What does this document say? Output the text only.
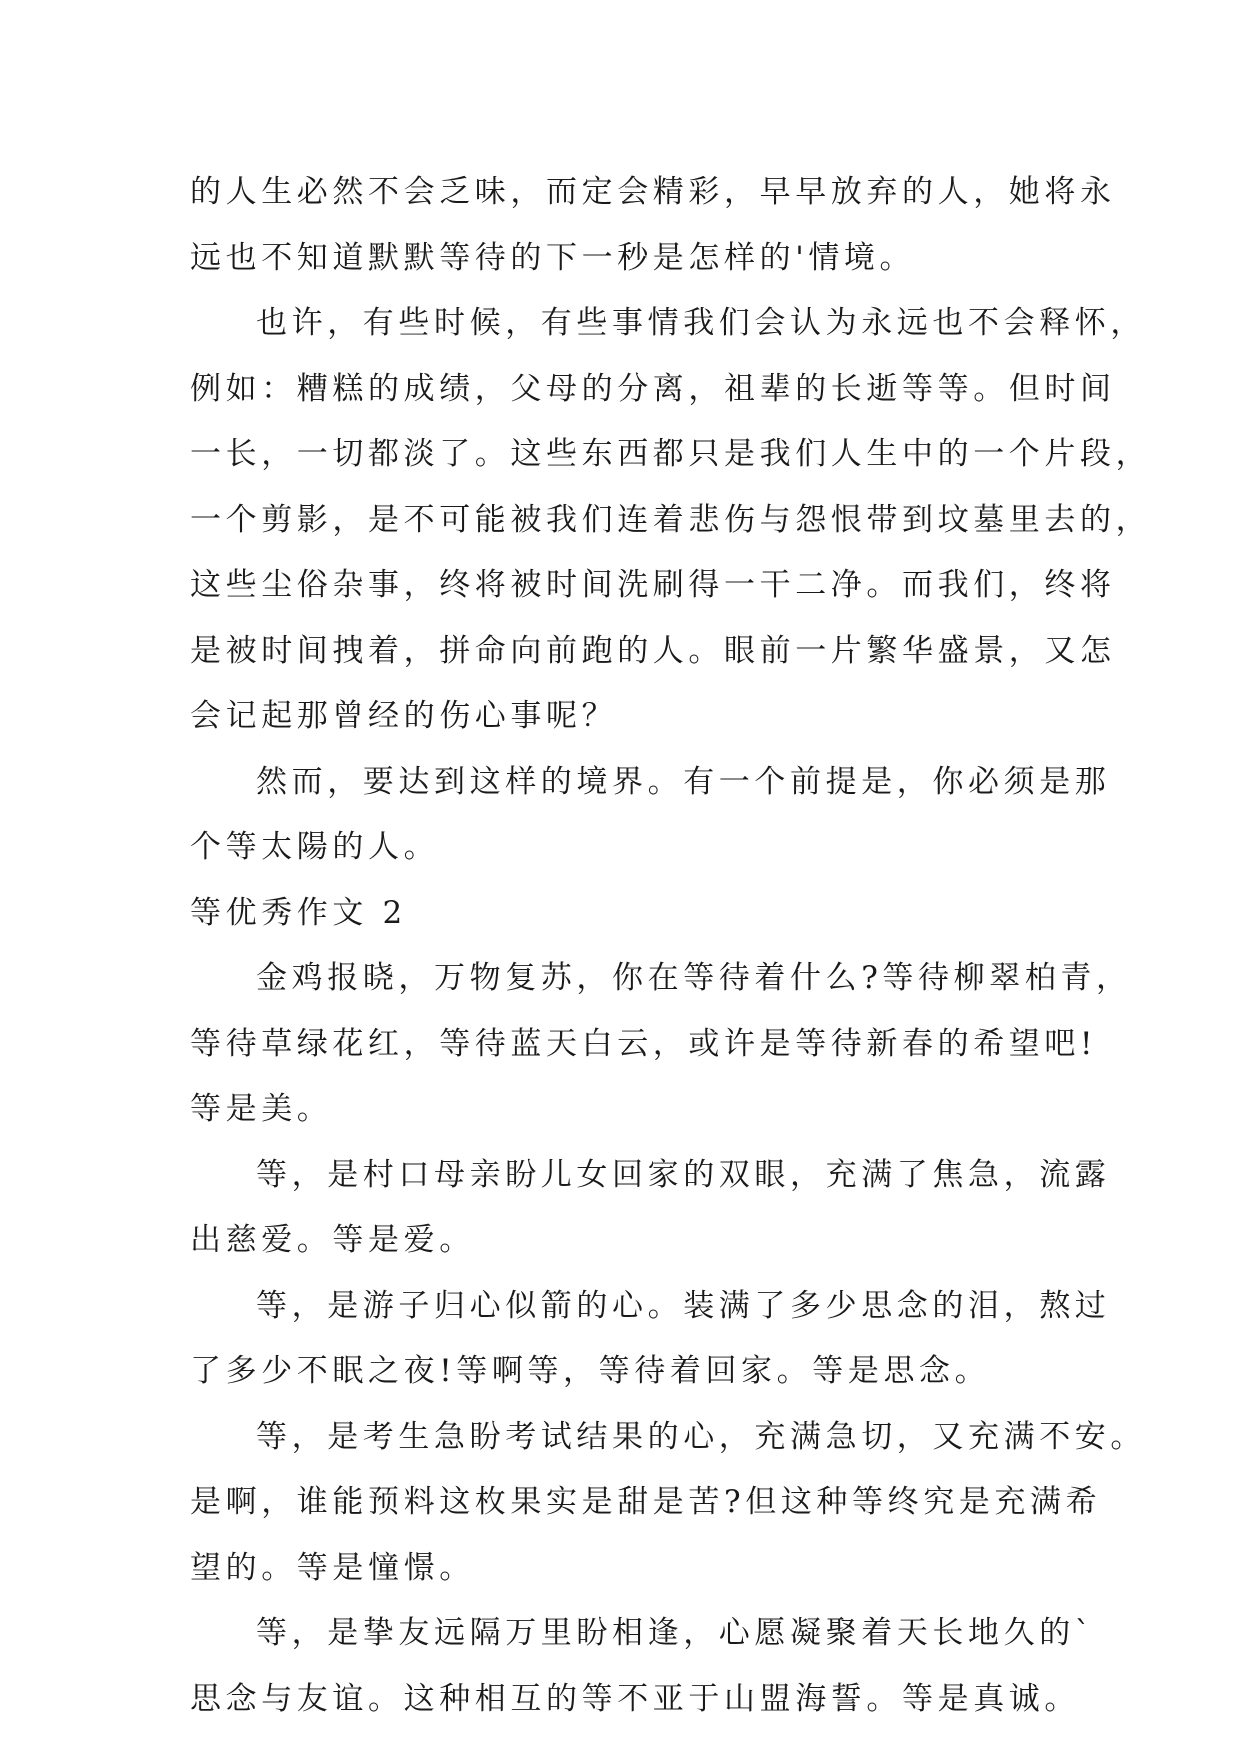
的人生必然不会乏味，而定会精彩，早早放弃的人，她将永
远也不知道默默等待的下一秒是怎样的'情境。
也许，有些时候，有些事情我们会认为永远也不会释怀，
例如：糟糕的成绩，父母的分离，祖辈的长逝等等。但时间
一长，一切都淡了。这些东西都只是我们人生中的一个片段，
一个剪影，是不可能被我们连着悲伤与怨恨带到坟墓里去的，
这些尘俗杂事，终将被时间洗刷得一干二净。而我们，终将
是被时间拽着，拼命向前跑的人。眼前一片繁华盛景，又怎
会记起那曾经的伤心事呢？
然而，要达到这样的境界。有一个前提是，你必须是那
个等太陽的人。
等优秀作文 2
金鸡报晓，万物复苏，你在等待着什么?等待柳翠柏青，
等待草绿花红，等待蓝天白云，或许是等待新春的希望吧!
等是美。
等，是村口母亲盼儿女回家的双眼，充满了焦急，流露
出慈爱。等是爱。
等，是游子归心似箭的心。装满了多少思念的泪，熬过
了多少不眠之夜!等啊等，等待着回家。等是思念。
等，是考生急盼考试结果的心，充满急切，又充满不安。
是啊，谁能预料这枚果实是甜是苦?但这种等终究是充满希
望的。等是憧憬。
等，是挚友远隔万里盼相逢，心愿凝聚着天长地久的`
思念与友谊。这种相互的等不亚于山盟海誓。等是真诚。
